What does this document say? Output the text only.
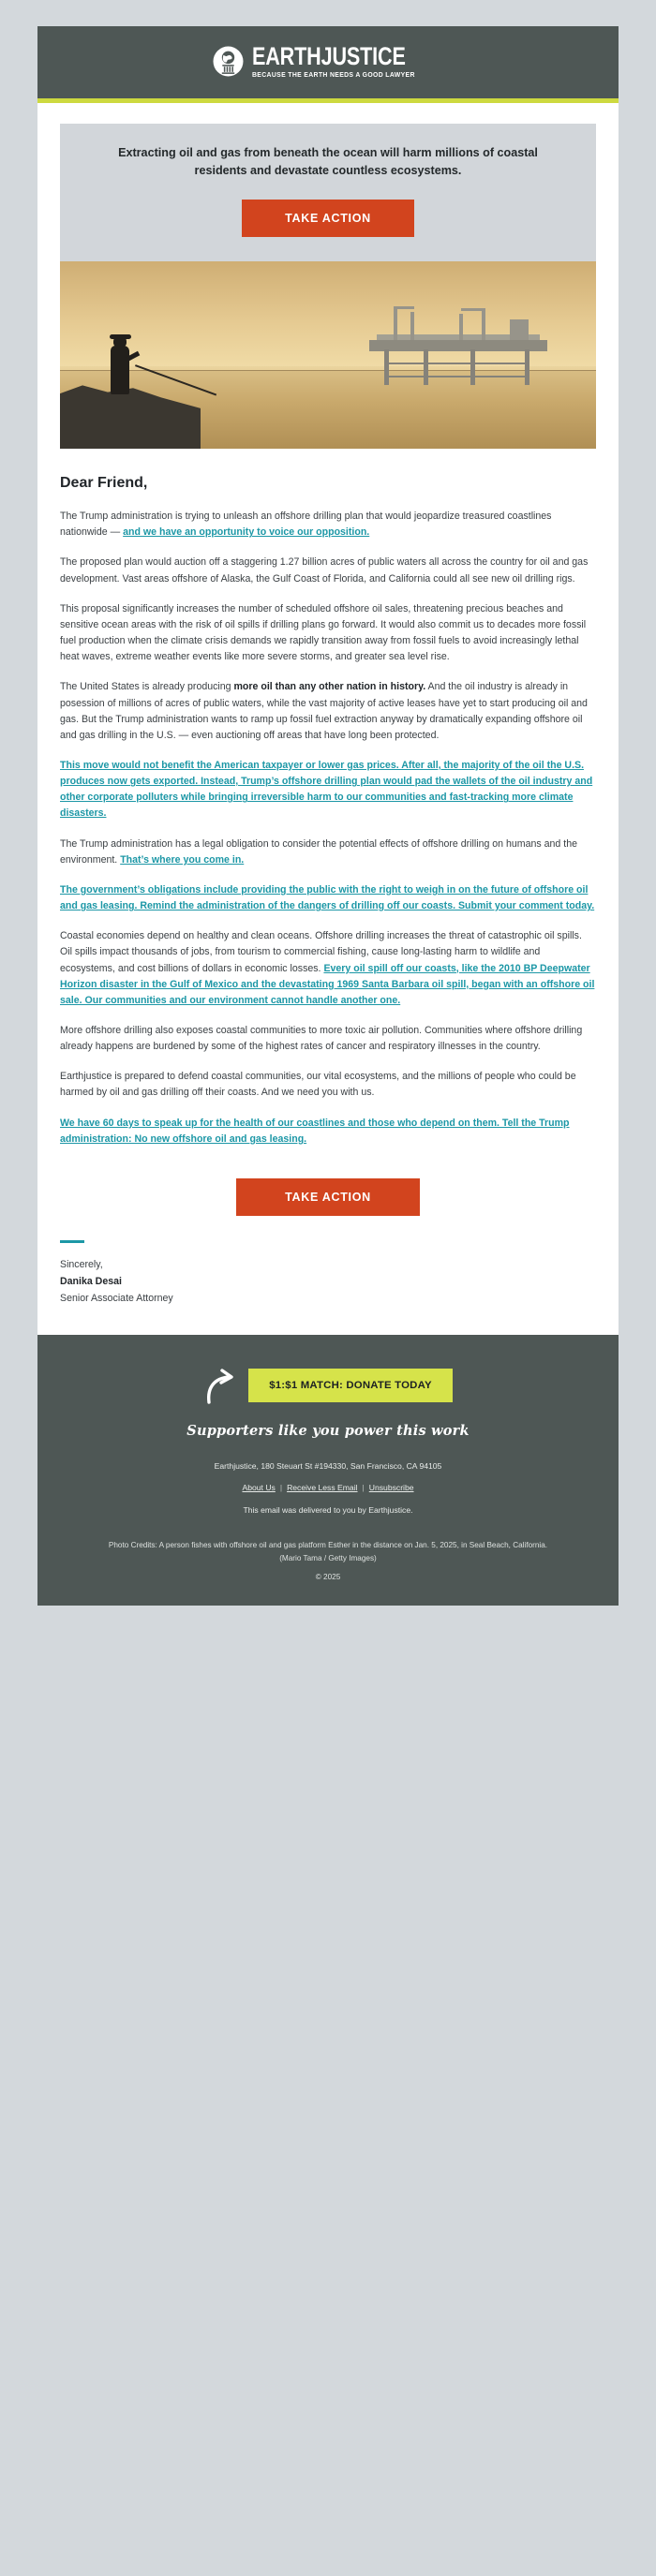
EARTHJUSTICE
BECAUSE THE EARTH NEEDS A GOOD LAWYER

Extracting oil and gas from beneath the ocean will harm millions of coastal residents and devastate countless ecosystems.

TAKE ACTION
Dear Friend,

The Trump administration is trying to unleash an offshore drilling plan that would jeopardize treasured coastlines nationwide — and we have an opportunity to voice our opposition.

The proposed plan would auction off a staggering 1.27 billion acres of public waters all across the country for oil and gas development. Vast areas offshore of Alaska, the Gulf Coast of Florida, and California could all see new oil drilling rigs.

This proposal significantly increases the number of scheduled offshore oil sales, threatening precious beaches and sensitive ocean areas with the risk of oil spills if drilling plans go forward. It would also commit us to decades more fossil fuel production when the climate crisis demands we rapidly transition away from fossil fuels to avoid increasingly lethal heat waves, extreme weather events like more severe storms, and greater sea level rise.

The United States is already producing more oil than any other nation in history. And the oil industry is already in posession of millions of acres of public waters, while the vast majority of active leases have yet to start producing oil and gas. But the Trump administration wants to ramp up fossil fuel extraction anyway by dramatically expanding offshore oil and gas drilling in the U.S. — even auctioning off areas that have long been protected.

This move would not benefit the American taxpayer or lower gas prices. After all, the majority of the oil the U.S. produces now gets exported. Instead, Trump’s offshore drilling plan would pad the wallets of the oil industry and other corporate polluters while bringing irreversible harm to our communities and fast-tracking more climate disasters.

The Trump administration has a legal obligation to consider the potential effects of offshore drilling on humans and the environment. That’s where you come in.

The government’s obligations include providing the public with the right to weigh in on the future of offshore oil and gas leasing. Remind the administration of the dangers of drilling off our coasts. Submit your comment today.

Coastal economies depend on healthy and clean oceans. Offshore drilling increases the threat of catastrophic oil spills. Oil spills impact thousands of jobs, from tourism to commercial fishing, cause long-lasting harm to wildlife and ecosystems, and cost billions of dollars in economic losses. Every oil spill off our coasts, like the 2010 BP Deepwater Horizon disaster in the Gulf of Mexico and the devastating 1969 Santa Barbara oil spill, began with an offshore oil sale. Our communities and our environment cannot handle another one.

More offshore drilling also exposes coastal communities to more toxic air pollution. Communities where offshore drilling already happens are burdened by some of the highest rates of cancer and respiratory illnesses in the country.

Earthjustice is prepared to defend coastal communities, our vital ecosystems, and the millions of people who could be harmed by oil and gas drilling off their coasts. And we need you with us.

We have 60 days to speak up for the health of our coastlines and those who depend on them. Tell the Trump administration: No new offshore oil and gas leasing.

TAKE ACTION
Sincerely,
Danika Desai
Senior Associate Attorney
$1:$1 MATCH: DONATE TODAY

Supporters like you power this work

Earthjustice, 180 Steuart St #194330, San Francisco, CA 94105

About Us | Receive Less Email | Unsubscribe

This email was delivered to you by Earthjustice.

Photo Credits: A person fishes with offshore oil and gas platform Esther in the distance on Jan. 5, 2025, in Seal Beach, California. (Mario Tama / Getty Images)

© 2025
